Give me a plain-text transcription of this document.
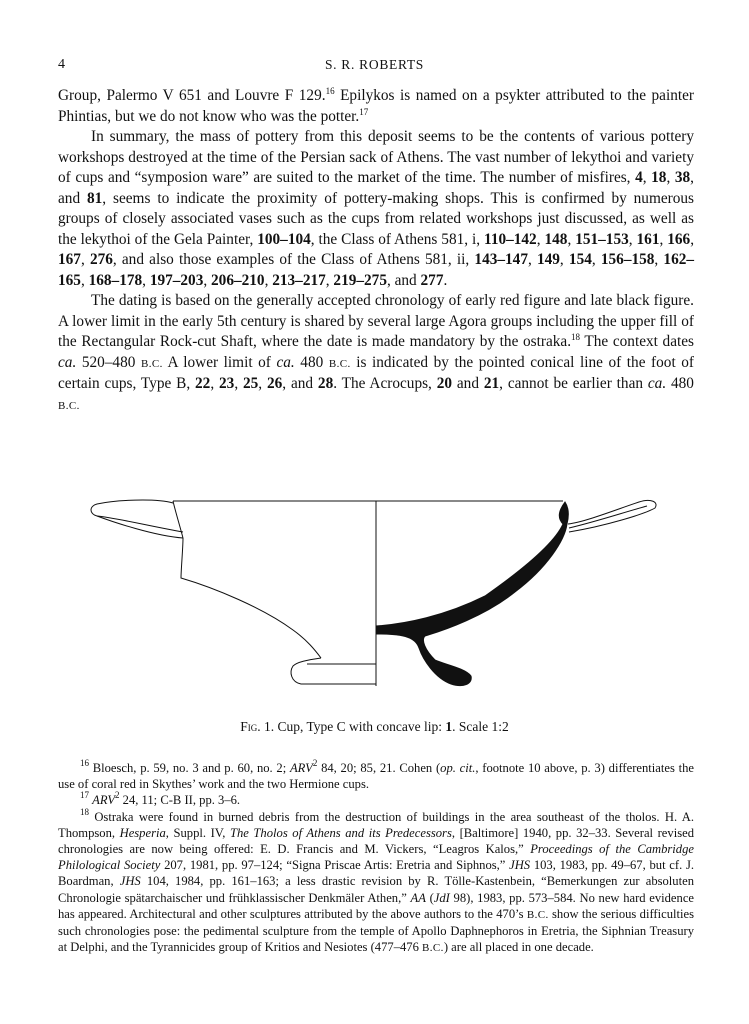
4	S. R. ROBERTS

Group, Palermo V 651 and Louvre F 129.16 Epilykos is named on a psykter attributed to the painter Phintias, but we do not know who was the potter.$^{17}$

In summary, the mass of pottery from this deposit seems to be the contents of various pottery workshops destroyed at the time of the Persian sack of Athens. The vast number of lekythoi and variety of cups and “symposion ware” are suited to the market of the time. The number of misfires, 4, 18, 38, and 81, seems to indicate the proximity of pottery-making shops. This is confirmed by numerous groups of closely associated vases such as the cups from related workshops just discussed, as well as the lekythoi of the Gela Painter, 100–104, the Class of Athens 581, i, 110–142, 148, 151–153, 161, 166, 167, 276, and also those examples of the Class of Athens 581, ii, 143–147, 149, 154, 156–158, 162–165, 168–178, 197–203, 206–210, 213–217, 219–275, and 277.

The dating is based on the generally accepted chronology of early red figure and late black figure. A lower limit in the early 5th century is shared by several large Agora groups including the upper fill of the Rectangular Rock-cut Shaft, where the date is made mandatory by the ostraka.$^{18}$ The context dates ca. 520–480 B.C. A lower limit of ca. 480 B.C. is indicated by the pointed conical line of the foot of certain cups, Type B, 22, 23, 25, 26, and 28. The Acrocups, 20 and 21, cannot be earlier than ca. 480 B.C.

Fig. 1. Cup, Type C with concave lip: 1. Scale 1:2

$^{16}$ Bloesch, p. 59, no. 3 and p. 60, no. 2; ARV$^2$ 84, 20; 85, 21. Cohen (op. cit., footnote 10 above, p. 3) differentiates the use of coral red in Skythes’ work and the two Hermione cups.

$^{17}$ ARV$^2$ 24, 11; C-B II, pp. 3–6.

$^{18}$ Ostraka were found in burned debris from the destruction of buildings in the area southeast of the tholos. H. A. Thompson, Hesperia, Suppl. IV, The Tholos of Athens and its Predecessors, [Baltimore] 1940, pp. 32–33. Several revised chronologies are now being offered: E. D. Francis and M. Vickers, “Leagros Kalos,” Proceedings of the Cambridge Philological Society 207, 1981, pp. 97–124; “Signa Priscae Artis: Eretria and Siphnos,” JHS 103, 1983, pp. 49–67, but cf. J. Boardman, JHS 104, 1984, pp. 161–163; a less drastic revision by R. Tölle-Kastenbein, “Bemerkungen zur absoluten Chronologie spätarchaischer und frühklassischer Denkmäler Athen,” AA (JdI 98), 1983, pp. 573–584. No new hard evidence has appeared. Architectural and other sculptures attributed by the above authors to the 470’s B.C. show the serious difficulties such chronologies pose: the pedimental sculpture from the temple of Apollo Daphnephoros in Eretria, the Siphnian Treasury at Delphi, and the Tyrannicides group of Kritios and Nesiotes (477–476 B.C.) are all placed in one decade.
